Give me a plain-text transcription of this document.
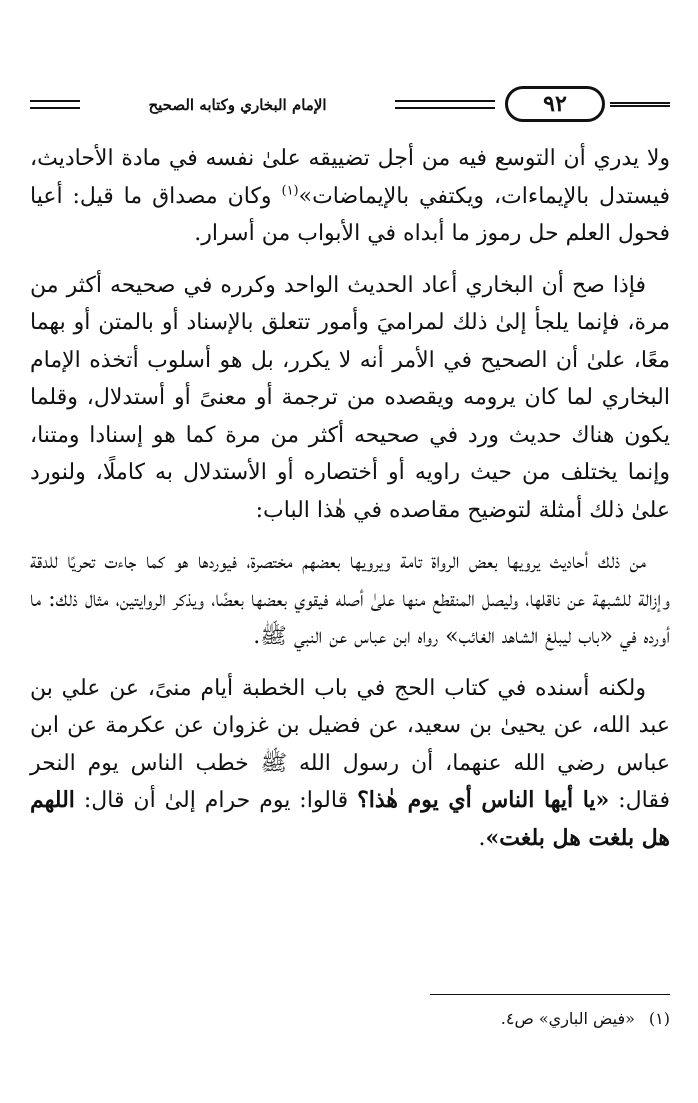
الإمام البخاري وكتابه الصحيح	٩٢

ولا يدري أن التوسع فيه من أجل تضييقه علىٰ نفسه في مادة الأحاديث، فيستدل بالإيماءات، ويكتفي بالإيماضات»$^{(١)}$ وكان مصداق ما قيل: أعيا فحول العلم حل رموز ما أبداه في الأبواب من أسرار.

فإذا صح أن البخاري أعاد الحديث الواحد وكرره في صحيحه أكثر من مرة، فإنما يلجأ إلىٰ ذلك لمراميَ وأمور تتعلق بالإسناد أو بالمتن أو بهما معًا، علىٰ أن الصحيح في الأمر أنه لا يكرر، بل هو أسلوب أتخذه الإمام البخاري لما كان يرومه ويقصده من ترجمة أو معنىً أو أستدلال، وقلما يكون هناك حديث ورد في صحيحه أكثر من مرة كما هو إسنادا ومتنا، وإنما يختلف من حيث راويه أو أختصاره أو الأستدلال به كاملًا، ولنورد علىٰ ذلك أمثلة لتوضيح مقاصده في هٰذا الباب:

من ذلك أحاديث يرويها بعض الرواة تامة ويرويها بعضهم مختصرة، فيوردها هو كما جاءت تحريًا للدقة وإزالة للشبهة عن ناقلها، وليصل المنقطع منها علىٰ أصله فيقوي بعضها بعضًا، ويذكر الروايتين، مثال ذلك: ما أورده في «باب ليبلغ الشاهد الغائب» رواه ابن عباس عن النبي ﷺ.

ولكنه أسنده في كتاب الحج في باب الخطبة أيام منىً، عن علي بن عبد الله، عن يحيىٰ بن سعيد، عن فضيل بن غزوان عن عكرمة عن ابن عباس رضي الله عنهما، أن رسول الله ﷺ خطب الناس يوم النحر فقال: «يا أيها الناس أي يوم هٰذا؟ قالوا: يوم حرام إلىٰ أن قال: اللهم هل بلغت هل بلغت».

(١)«فيض الباري» ص٤.
